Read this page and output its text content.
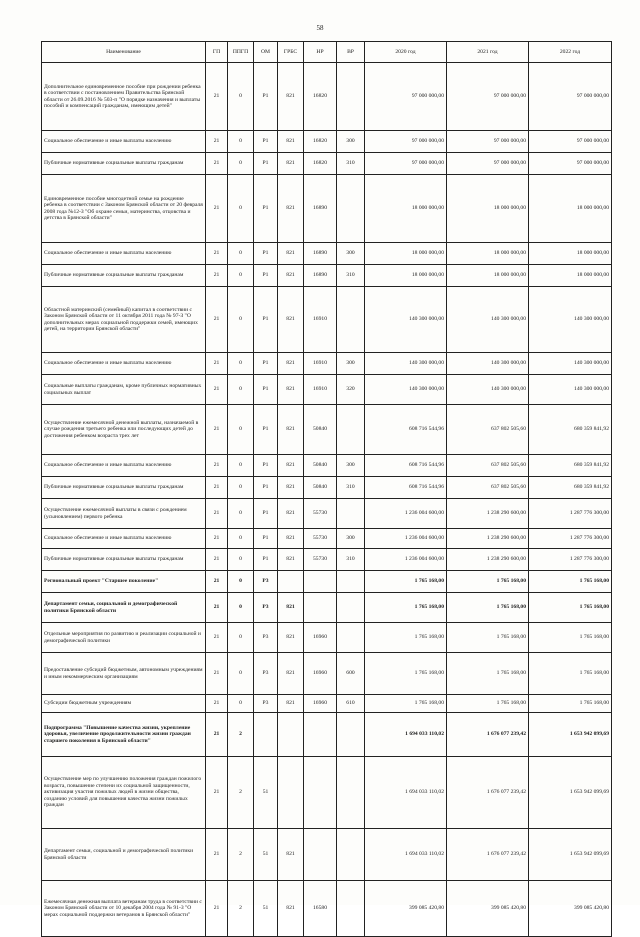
58
Наименование	ГП	ППГП	ОМ	ГРБС	НР	ВР	2020 год	2021 год	2022 год
Дополнительное единовременное пособие при рождении ребенка в соответствии с постановлением Правительства Брянской области от 26.09.2016 № 503-п "О порядке назначения и выплаты пособий и компенсаций гражданам, имеющим детей"	21	0	P1	821	16820		97 000 000,00	97 000 000,00	97 000 000,00
Социальное обеспечение и иные выплаты населению	21	0	P1	821	16820	300	97 000 000,00	97 000 000,00	97 000 000,00
Публичные нормативные социальные выплаты гражданам	21	0	P1	821	16820	310	97 000 000,00	97 000 000,00	97 000 000,00
Единовременное пособие многодетной семье на рождение ребенка в соответствии с Законом Брянской области от 20 февраля 2008 года №12-З "Об охране семьи, материнства, отцовства и детства в Брянской области"	21	0	P1	821	16890		18 000 000,00	18 000 000,00	18 000 000,00
Социальное обеспечение и иные выплаты населению	21	0	P1	821	16890	300	18 000 000,00	18 000 000,00	18 000 000,00
Публичные нормативные социальные выплаты гражданам	21	0	P1	821	16890	310	18 000 000,00	18 000 000,00	18 000 000,00
Областной материнский (семейный) капитал в соответствии с Законом Брянской области от 11 октября 2011 года № 97-З "О дополнительных мерах социальной поддержки семей, имеющих детей, на территории Брянской области"	21	0	P1	821	16910		140 300 000,00	140 300 000,00	140 300 000,00
Социальное обеспечение и иные выплаты населению	21	0	P1	821	16910	300	140 300 000,00	140 300 000,00	140 300 000,00
Социальные выплаты гражданам, кроме публичных нормативных социальных выплат	21	0	P1	821	16910	320	140 300 000,00	140 300 000,00	140 300 000,00
Осуществление ежемесячной денежной выплаты, назначаемой в случае рождения третьего ребенка или последующих детей до достижения ребенком возраста трех лет	21	0	P1	821	50840		608 716 544,96	637 802 505,60	680 359 841,92
Социальное обеспечение и иные выплаты населению	21	0	P1	821	50840	300	608 716 544,96	637 802 505,60	680 359 841,92
Публичные нормативные социальные выплаты гражданам	21	0	P1	821	50840	310	608 716 544,96	637 802 505,60	680 359 841,92
Осуществление ежемесячной выплаты в связи с рождением (усыновлением) первого ребенка	21	0	P1	821	55730		1 236 004 600,00	1 238 290 600,00	1 287 776 300,00
Социальное обеспечение и иные выплаты населению	21	0	P1	821	55730	300	1 236 004 600,00	1 238 290 600,00	1 287 776 300,00
Публичные нормативные социальные выплаты гражданам	21	0	P1	821	55730	310	1 236 004 600,00	1 238 290 600,00	1 287 776 300,00
Региональный проект "Старшее поколение"	21	0	P3				1 765 168,00	1 765 168,00	1 765 168,00
Департамент семьи, социальной и демографической политики Брянской области	21	0	P3	821			1 765 168,00	1 765 168,00	1 765 168,00
Отдельные мероприятия по развитию и реализации социальной и демографической политики	21	0	P3	821	16960		1 765 168,00	1 765 168,00	1 765 168,00
Предоставление субсидий бюджетным, автономным учреждениям и иным некоммерческим организациям	21	0	P3	821	16960	600	1 765 168,00	1 765 168,00	1 765 168,00
Субсидии бюджетным учреждениям	21	0	P3	821	16960	610	1 765 168,00	1 765 168,00	1 765 168,00
Подпрограмма "Повышение качества жизни, укрепление здоровья, увеличение продолжительности жизни граждан старшего поколения в Брянской области"	21	2					1 694 033 110,02	1 676 077 239,42	1 653 942 099,69
Осуществление мер по улучшению положения граждан пожилого возраста, повышение степени их социальной защищенности, активизация участия пожилых людей в жизни общества, созданию условий для повышения качества жизни пожилых граждан	21	2	51				1 694 033 110,02	1 676 077 239,42	1 653 942 099,69
Департамент семьи, социальной и демографической политики Брянской области	21	2	51	821			1 694 033 110,02	1 676 077 239,42	1 653 942 099,69
Ежемесячная денежная выплата ветеранам труда в соответствии с Законом Брянской области от 10 декабря 2004 года № 91-З "О мерах социальной поддержки ветеранов в Брянской области"	21	2	51	821	16580		399 085 420,80	399 085 420,80	399 085 420,80
